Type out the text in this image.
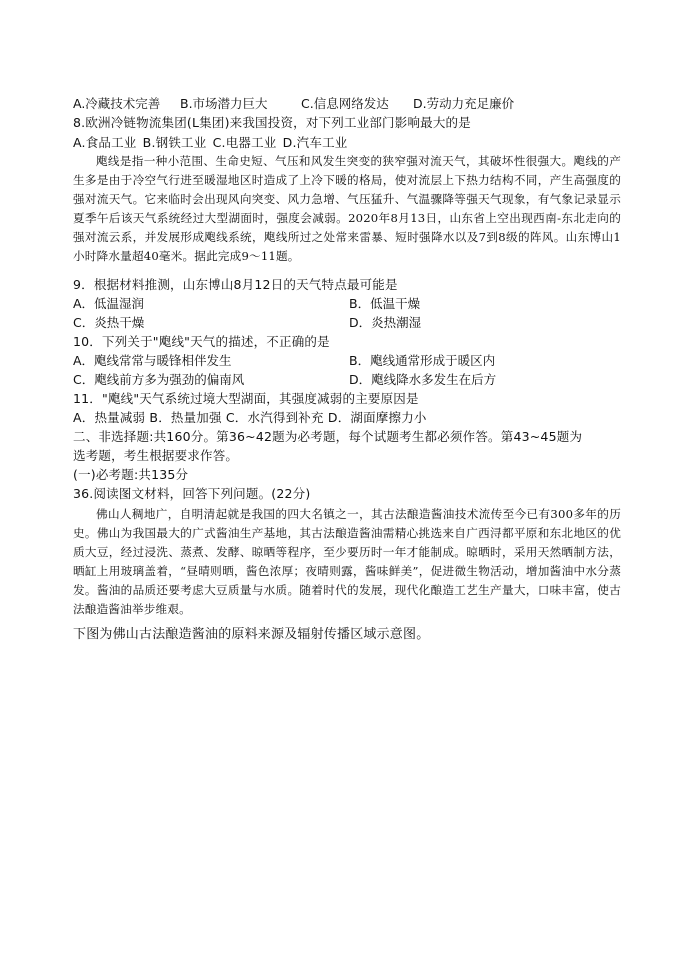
A.冷藏技术完善 B.市场潜力巨大	C.信息网络发达 D.劳动力充足廉价
8.欧洲冷链物流集团(L集团)来我国投资，对下列工业部门影响最大的是
A.食品工业 B.钢铁工业 C.电器工业 D.汽车工业
飑线是指一种小范围、生命史短、气压和风发生突变的狭窄强对流天气，其破坏性很强大。飑线的产生多是由于冷空气行进至暖湿地区时造成了上冷下暖的格局，使对流层上下热力结构不同，产生高强度的强对流天气。它来临时会出现风向突变、风力急增、气压猛升、气温骤降等强天气现象，有气象记录显示夏季午后该天气系统经过大型湖面时，强度会减弱。2020年8月13日，山东省上空出现西南-东北走向的强对流云系，并发展形成飑线系统，飑线所过之处常来雷暴、短时强降水以及7到8级的阵风。山东博山1小时降水量超40毫米。据此完成9～11题。
9．根据材料推测，山东博山8月12日的天气特点最可能是
A．低温湿润	B．低温干燥
C．炎热干燥	D．炎热潮湿
10．下列关于"飑线"天气的描述，不正确的是
A．飑线常常与暖锋相伴发生	B．飑线通常形成于暖区内
C．飑线前方多为强劲的偏南风	D．飑线降水多发生在后方
11．"飑线"天气系统过境大型湖面，其强度减弱的主要原因是
A．热量减弱 B．热量加强 C．水汽得到补充 D．湖面摩擦力小
二、非选择题:共160分。第36~42题为必考题，每个试题考生都必须作答。第43~45题为
选考题，考生根据要求作答。
(一)必考题:共135分
36.阅读图文材料，回答下列问题。(22分)
佛山人稠地广，自明清起就是我国的四大名镇之一，其古法酿造酱油技术流传至今已有300多年的历史。佛山为我国最大的广式酱油生产基地，其古法酿造酱油需精心挑选来自广西浔都平原和东北地区的优质大豆，经过浸洗、蒸煮、发酵、晾晒等程序，至少要历时一年才能制成。晾晒时，采用天然晒制方法，晒缸上用玻璃盖着，“昼晴则晒，酱色浓厚；夜晴则露，酱味鲜美”，促进微生物活动，增加酱油中水分蒸发。酱油的品质还要考虑大豆质量与水质。随着时代的发展，现代化酿造工艺生产量大，口味丰富，使古法酿造酱油举步维艰。
下图为佛山古法酿造酱油的原料来源及辐射传播区域示意图。
